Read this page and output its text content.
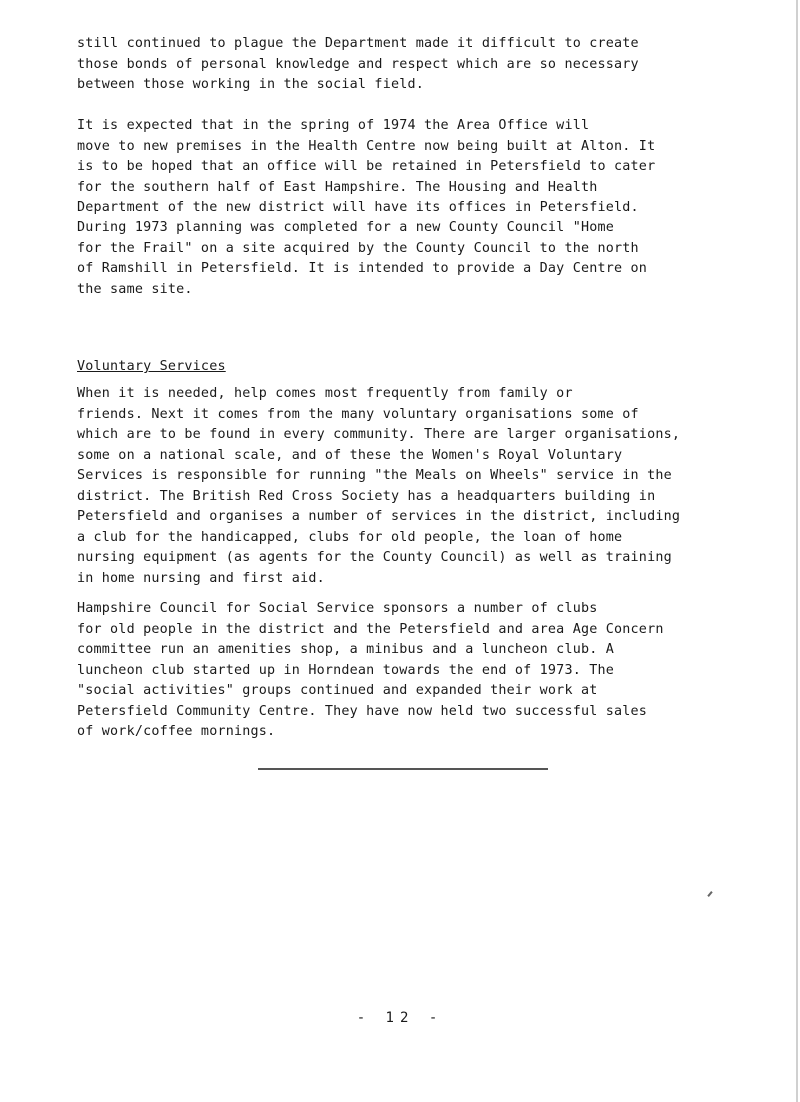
still continued to plague the Department made it difficult to create
those bonds of personal knowledge and respect which are so necessary
between those working in the social field.

It is expected that in the spring of 1974 the Area Office will
move to new premises in the Health Centre now being built at Alton. It
is to be hoped that an office will be retained in Petersfield to cater
for the southern half of East Hampshire. The Housing and Health
Department of the new district will have its offices in Petersfield.

During 1973 planning was completed for a new County Council "Home
for the Frail" on a site acquired by the County Council to the north
of Ramshill in Petersfield. It is intended to provide a Day Centre on
the same site.

Voluntary Services

When it is needed, help comes most frequently from family or
friends. Next it comes from the many voluntary organisations some of
which are to be found in every community. There are larger organisations,
some on a national scale, and of these the Women's Royal Voluntary
Services is responsible for running "the Meals on Wheels" service in the
district. The British Red Cross Society has a headquarters building in
Petersfield and organises a number of services in the district, including
a club for the handicapped, clubs for old people, the loan of home
nursing equipment (as agents for the County Council) as well as training
in home nursing and first aid.

Hampshire Council for Social Service sponsors a number of clubs
for old people in the district and the Petersfield and area Age Concern
committee run an amenities shop, a minibus and a luncheon club. A
luncheon club started up in Horndean towards the end of 1973. The
"social activities" groups continued and expanded their work at
Petersfield Community Centre. They have now held two successful sales
of work/coffee mornings.

- 12 -
